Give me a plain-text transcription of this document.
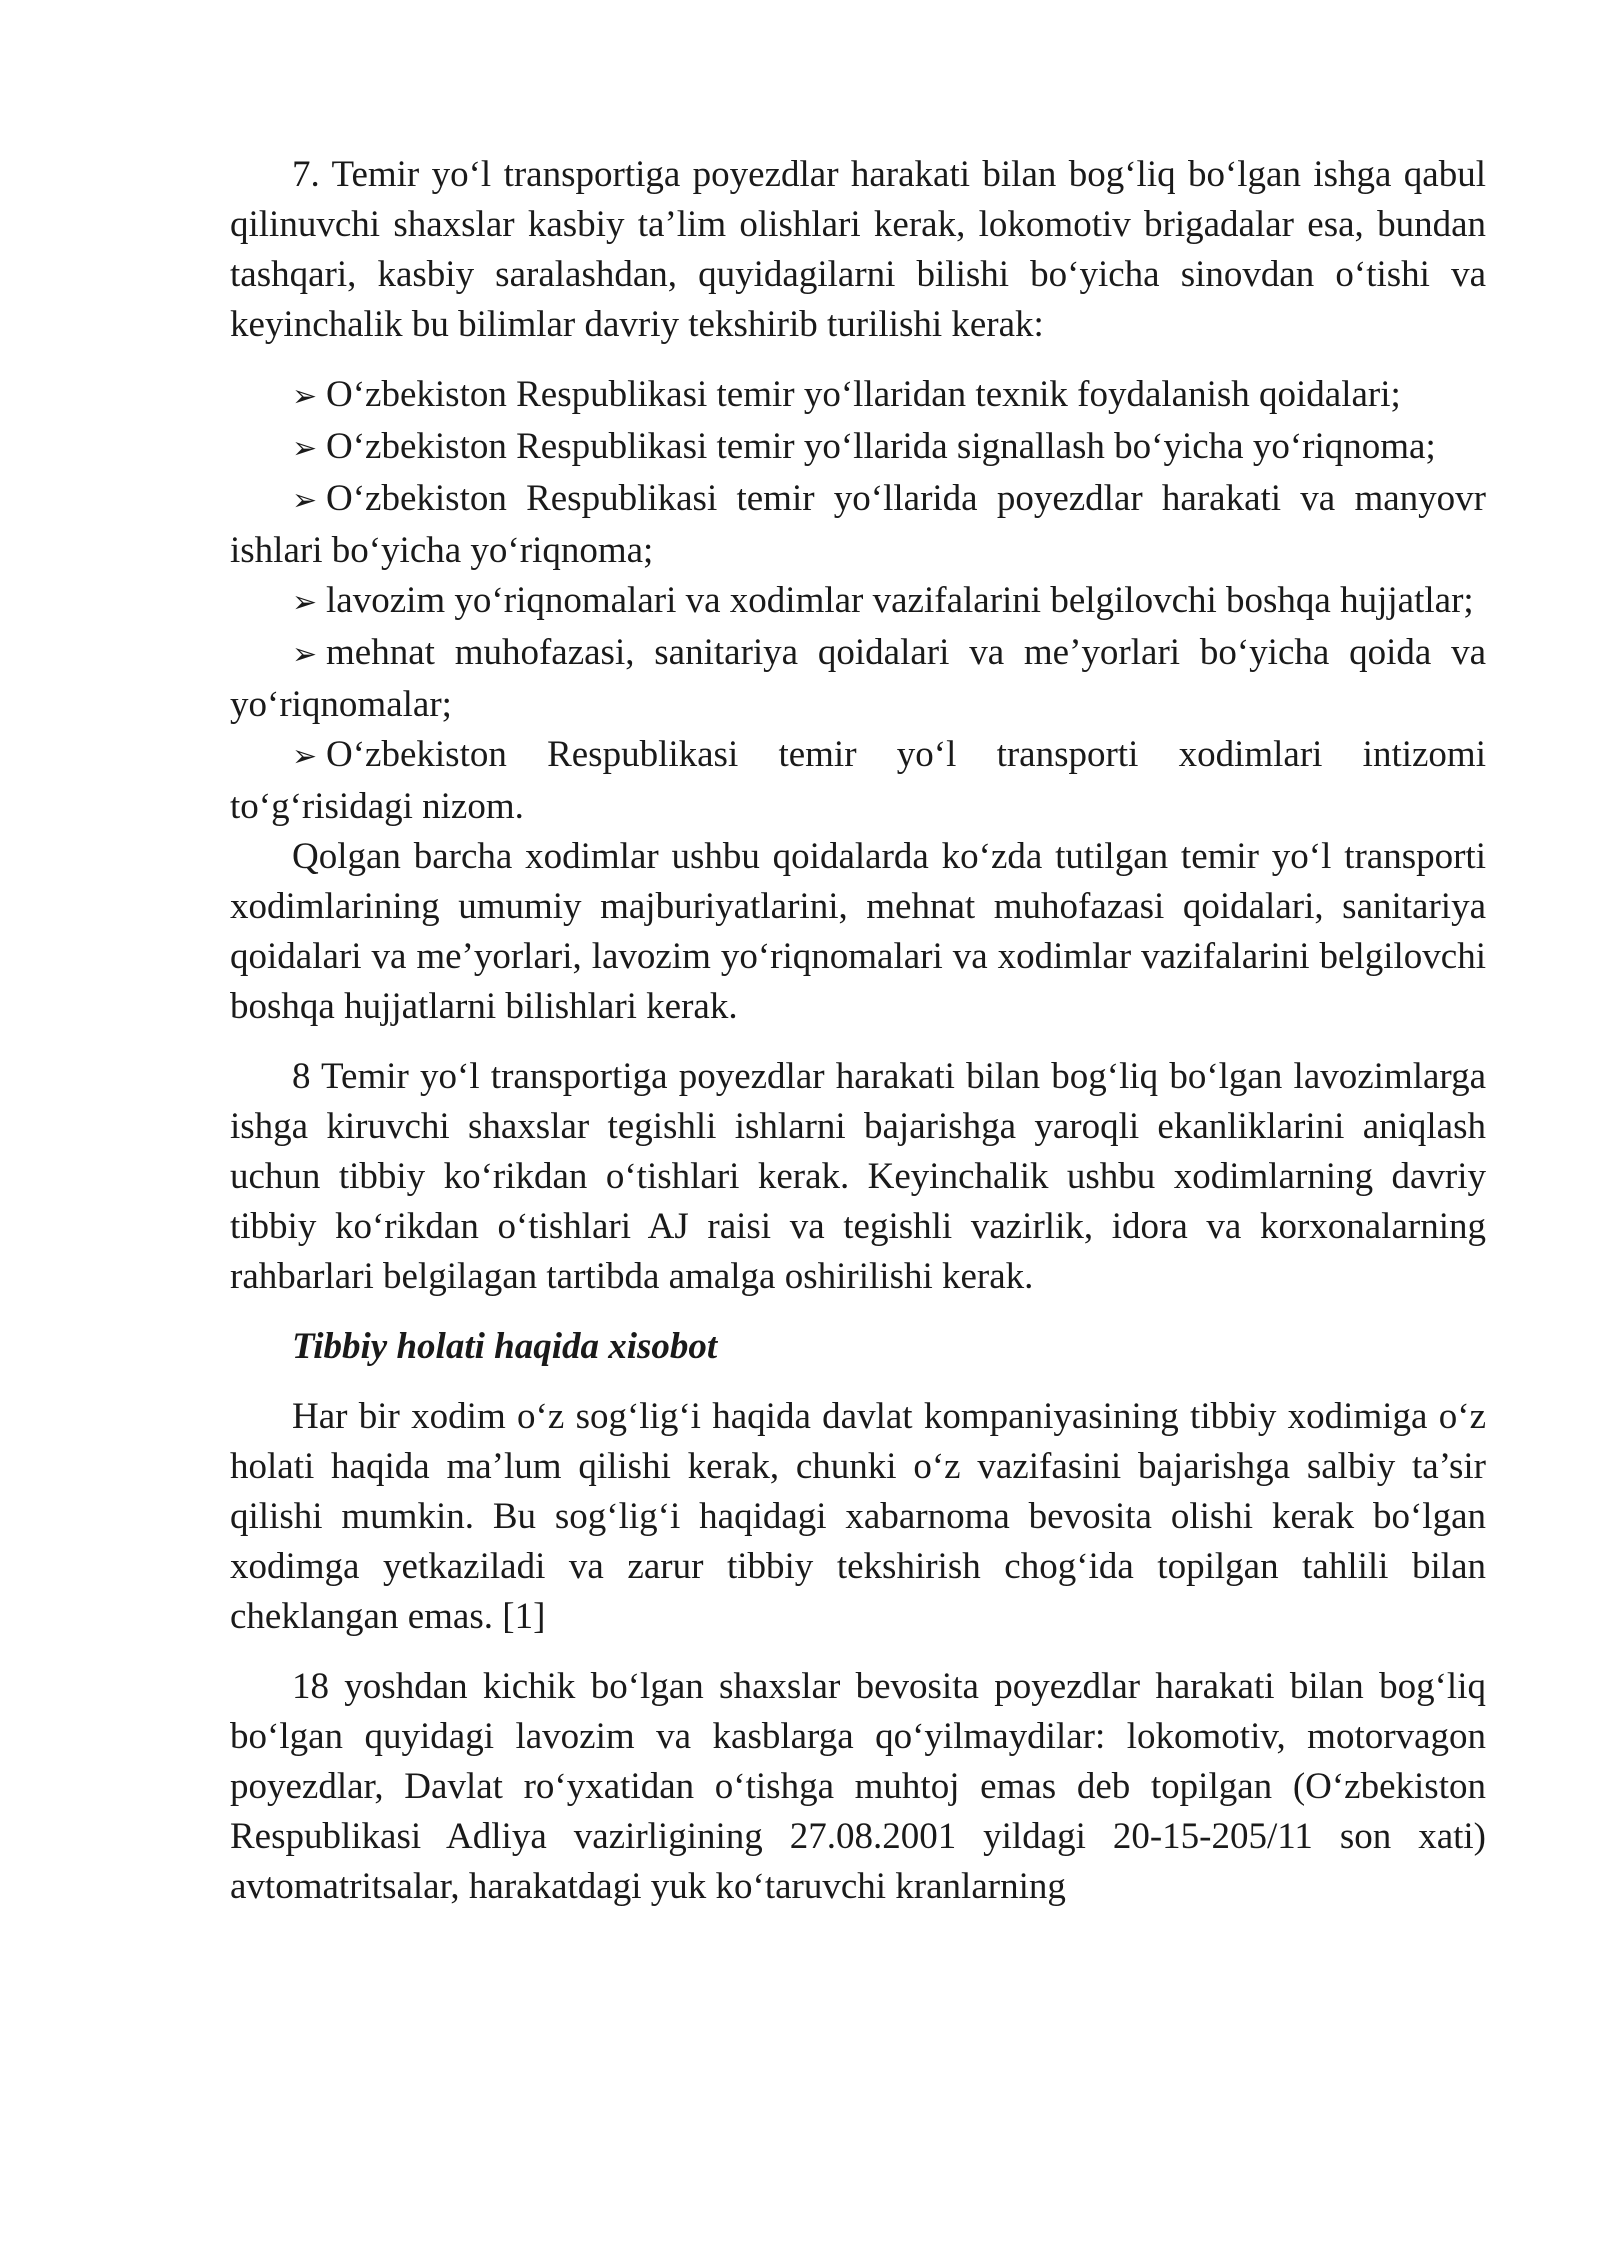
7. Temir yo‘l transportiga poyezdlar harakati bilan bog‘liq bo‘lgan ishga qabul qilinuvchi shaxslar kasbiy ta’lim olishlari kerak, lokomotiv brigadalar esa, bundan tashqari, kasbiy saralashdan, quyidagilarni bilishi bo‘yicha sinovdan o‘tishi va keyinchalik bu bilimlar davriy tekshirib turilishi kerak:

➢ O‘zbekiston Respublikasi temir yo‘llaridan texnik foydalanish qoidalari;

➢ O‘zbekiston Respublikasi temir yo‘llarida signallash bo‘yicha yo‘riqnoma;

➢ O‘zbekiston Respublikasi temir yo‘llarida poyezdlar harakati va manyovr ishlari bo‘yicha yo‘riqnoma;

➢ lavozim yo‘riqnomalari va xodimlar vazifalarini belgilovchi boshqa hujjatlar;

➢ mehnat muhofazasi, sanitariya qoidalari va me’yorlari bo‘yicha qoida va yo‘riqnomalar;

➢ O‘zbekiston Respublikasi temir yo‘l transporti xodimlari intizomi to‘g‘risidagi nizom.

Qolgan barcha xodimlar ushbu qoidalarda ko‘zda tutilgan temir yo‘l transporti xodimlarining umumiy majburiyatlarini, mehnat muhofazasi qoidalari, sanitariya qoidalari va me’yorlari, lavozim yo‘riqnomalari va xodimlar vazifalarini belgilovchi boshqa hujjatlarni bilishlari kerak.

8 Temir yo‘l transportiga poyezdlar harakati bilan bog‘liq bo‘lgan lavozimlarga ishga kiruvchi shaxslar tegishli ishlarni bajarishga yaroqli ekanliklarini aniqlash uchun tibbiy ko‘rikdan o‘tishlari kerak. Keyinchalik ushbu xodimlarning davriy tibbiy ko‘rikdan o‘tishlari AJ raisi va tegishli vazirlik, idora va korxonalarning rahbarlari belgilagan tartibda amalga oshirilishi kerak.

Tibbiy holati haqida xisobot

Har bir xodim o‘z sog‘lig‘i haqida davlat kompaniyasining tibbiy xodimiga o‘z holati haqida ma’lum qilishi kerak, chunki o‘z vazifasini bajarishga salbiy ta’sir qilishi mumkin. Bu sog‘lig‘i haqidagi xabarnoma bevosita olishi kerak bo‘lgan xodimga yetkaziladi va zarur tibbiy tekshirish chog‘ida topilgan tahlili bilan cheklangan emas. [1]

18 yoshdan kichik bo‘lgan shaxslar bevosita poyezdlar harakati bilan bog‘liq bo‘lgan quyidagi lavozim va kasblarga qo‘yilmaydilar: lokomotiv, motorvagon poyezdlar, Davlat ro‘yxatidan o‘tishga muhtoj emas deb topilgan (O‘zbekiston Respublikasi Adliya vazirligining 27.08.2001 yildagi 20-15-205/11 son xati) avtomatritsalar, harakatdagi yuk ko‘taruvchi kranlarning
